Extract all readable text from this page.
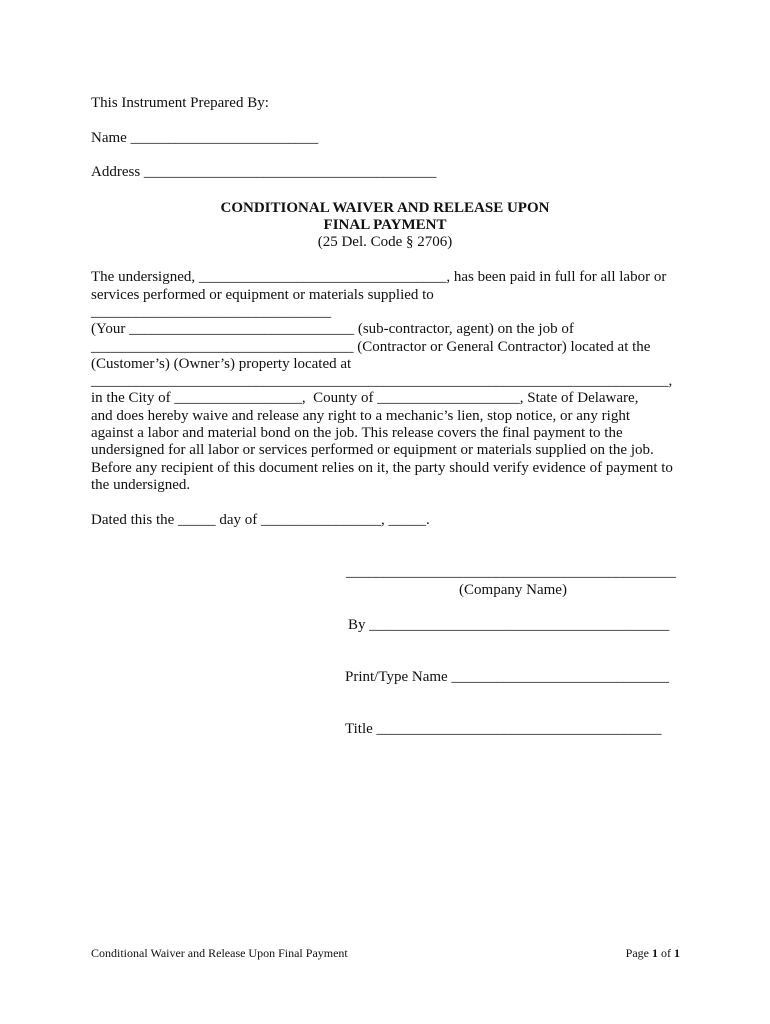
This Instrument Prepared By:
Name _________________________
Address _______________________________________
CONDITIONAL WAIVER AND RELEASE UPON
FINAL PAYMENT
(25 Del. Code § 2706)
The undersigned, _________________________________, has been paid in full for all labor or
services performed or equipment or materials supplied to
________________________________
(Your ______________________________ (sub-contractor, agent) on the job of
___________________________________ (Contractor or General Contractor) located at the
(Customer’s) (Owner’s) property located at
_____________________________________________________________________________,
in the City of _________________,  County of ___________________, State of Delaware,
and does hereby waive and release any right to a mechanic’s lien, stop notice, or any right
against a labor and material bond on the job. This release covers the final payment to the
undersigned for all labor or services performed or equipment or materials supplied on the job.
Before any recipient of this document relies on it, the party should verify evidence of payment to
the undersigned.
Dated this the _____ day of ________________, _____.
____________________________________________
(Company Name)
By ________________________________________
Print/Type Name _____________________________
Title ______________________________________
Conditional Waiver and Release Upon Final Payment	Page 1 of 1
